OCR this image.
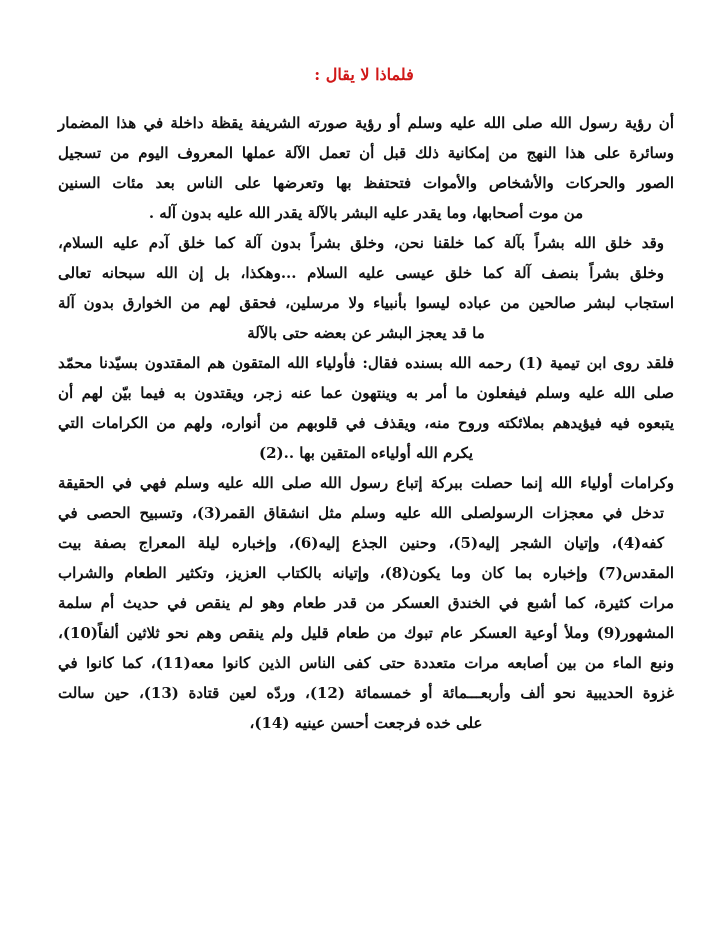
فلماذا لا يقال :
أن رؤية رسول الله صلى الله عليه وسلم أو رؤية صورته الشريفة يقظة داخلة في هذا المضمار
وسائرة على هذا النهج من إمكانية ذلك قبل أن تعمل الآلة عملها المعروف اليوم من تسجيل
الصور والحركات والأشخاص والأموات فتحتفظ بها وتعرضها على الناس بعد مئات السنين
من موت أصحابها، وما يقدر عليه البشر بالآلة يقدر الله عليه بدون آله .
وقد خلق الله بشراً بآلة كما خلقنا نحن، وخلق بشراً بدون آلة كما خلق آدم عليه السلام،
وخلق بشراً بنصف آلة كما خلق عيسى عليه السلام ...وهكذا، بل إن الله سبحانه تعالى
استجاب لبشر صالحين من عباده ليسوا بأنبياء ولا مرسلين، فحقق لهم من الخوارق بدون آلة
ما قد يعجز البشر عن بعضه حتى بالآلة
فلقد روى ابن تيمية (1) رحمه الله بسنده فقال: فأولياء الله المتقون هم المقتدون بسيّدنا محمّد
صلى الله عليه وسلم فيفعلون ما أمر به وينتهون عما عنه زجر، ويقتدون به فيما بيّن لهم أن
يتبعوه فيه فيؤيدهم بملائكته وروح منه، ويقذف في قلوبهم من أنواره، ولهم من الكرامات التي
يكرم الله أولياءه المتقين بها ..(2)
وكرامات أولياء الله إنما حصلت ببركة إتباع رسول الله صلى الله عليه وسلم فهي في الحقيقة
تدخل في معجزات الرسولصلى الله عليه وسلم مثل انشقاق القمر(3)، وتسبيح الحصى في
كفه(4)، وإتيان الشجر إليه(5)، وحنين الجذع إليه(6)، وإخباره ليلة المعراج بصفة بيت
المقدس(7) وإخباره بما كان وما يكون(8)، وإتيانه بالكتاب العزيز، وتكثير الطعام والشراب
مرات كثيرة، كما أشبع في الخندق العسكر من قدر طعام وهو لم ينقص في حديث أم سلمة
المشهور(9) وملأ أوعية العسكر عام تبوك من طعام قليل ولم ينقص وهم نحو ثلاثين ألفاً(10)،
ونبع الماء من بين أصابعه مرات متعددة حتى كفى الناس الذين كانوا معه(11)، كما كانوا في
غزوة الحديبية نحو ألف وأربعـــمائة أو خمسمائة (12)، وردّه لعين قتادة (13)، حين سالت
على خده فرجعت أحسن عينيه (14)،
